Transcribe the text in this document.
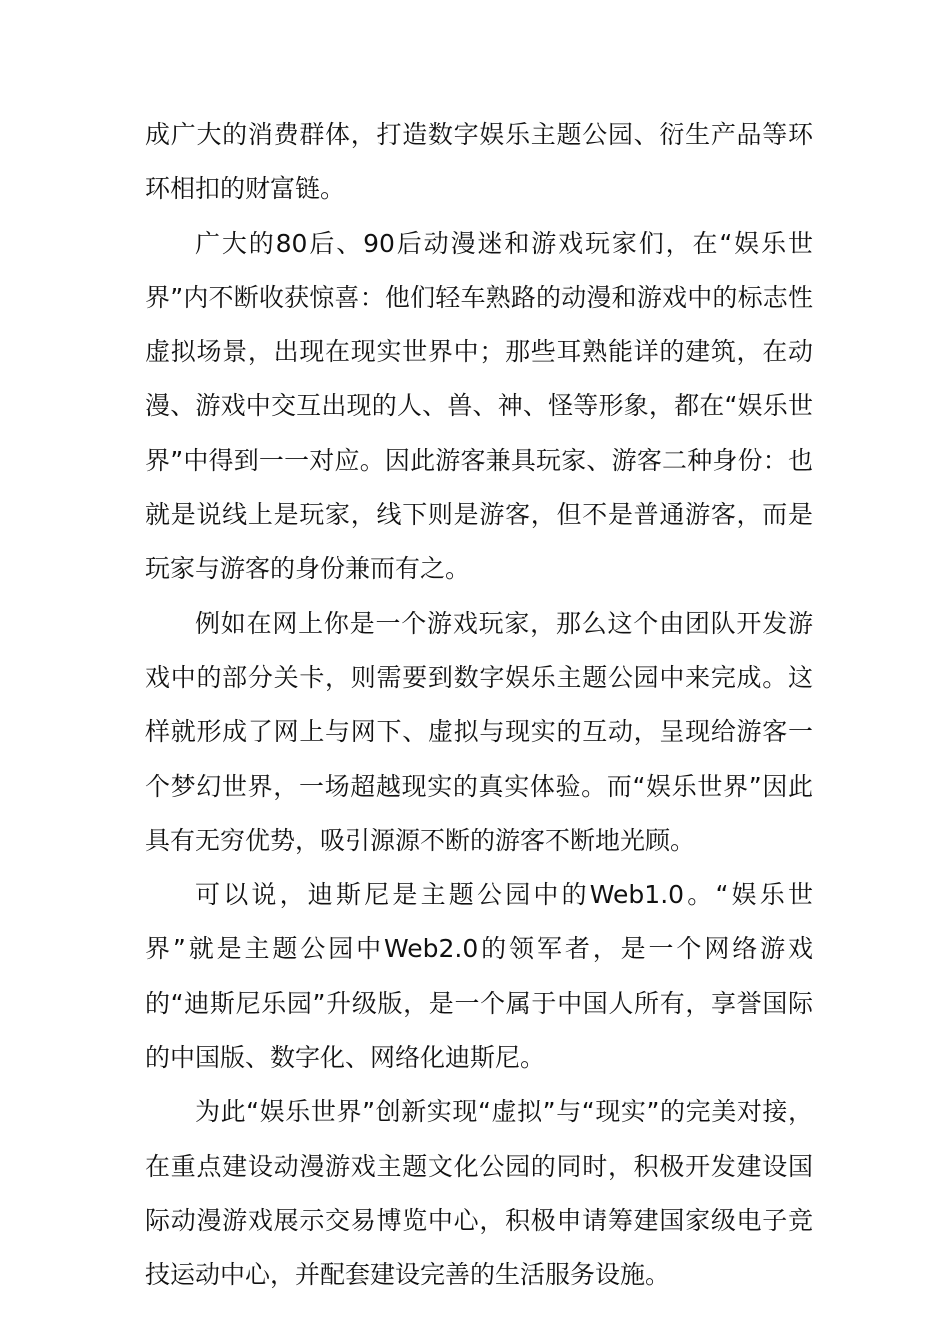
成广大的消费群体，打造数字娱乐主题公园、衍生产品等环环相扣的财富链。

广大的80后、90后动漫迷和游戏玩家们，在“娱乐世界”内不断收获惊喜：他们轻车熟路的动漫和游戏中的标志性虚拟场景，出现在现实世界中；那些耳熟能详的建筑，在动漫、游戏中交互出现的人、兽、神、怪等形象，都在“娱乐世界”中得到一一对应。因此游客兼具玩家、游客二种身份：也就是说线上是玩家，线下则是游客，但不是普通游客，而是玩家与游客的身份兼而有之。

例如在网上你是一个游戏玩家，那么这个由团队开发游戏中的部分关卡，则需要到数字娱乐主题公园中来完成。这样就形成了网上与网下、虚拟与现实的互动，呈现给游客一个梦幻世界，一场超越现实的真实体验。而“娱乐世界”因此具有无穷优势，吸引源源不断的游客不断地光顾。

可以说，迪斯尼是主题公园中的Web1.0。“娱乐世界”就是主题公园中Web2.0的领军者，是一个网络游戏的“迪斯尼乐园”升级版，是一个属于中国人所有，享誉国际的中国版、数字化、网络化迪斯尼。

为此“娱乐世界”创新实现“虚拟”与“现实”的完美对接，在重点建设动漫游戏主题文化公园的同时，积极开发建设国际动漫游戏展示交易博览中心，积极申请筹建国家级电子竞技运动中心，并配套建设完善的生活服务设施。
